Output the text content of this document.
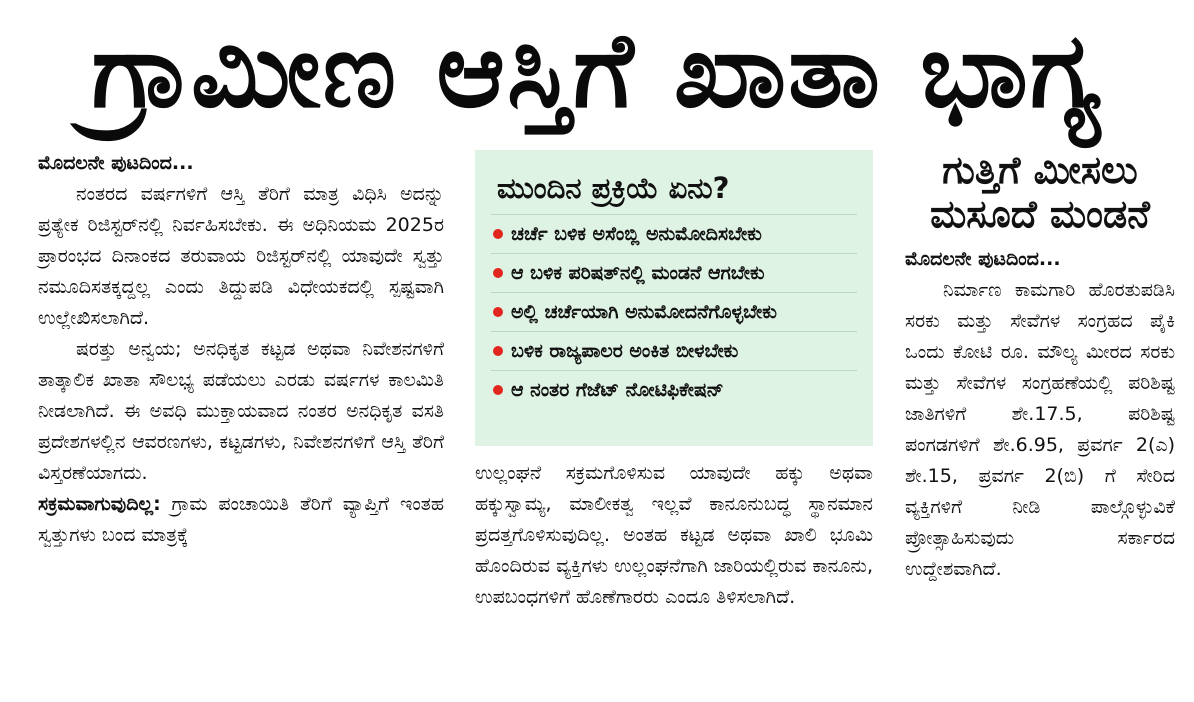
ಗ್ರಾಮೀಣ ಆಸ್ತಿಗೆ ಖಾತಾ ಭಾಗ್ಯ

ಮೊದಲನೇ ಪುಟದಿಂದ...

ನಂತರದ ವರ್ಷಗಳಿಗೆ ಆಸ್ತಿ ತೆರಿಗೆ ಮಾತ್ರ ವಿಧಿಸಿ ಅದನ್ನು ಪ್ರತ್ಯೇಕ ರಿಜಿಸ್ಟರ್‌ನಲ್ಲಿ ನಿರ್ವಹಿಸಬೇಕು. ಈ ಅಧಿನಿಯಮ 2025ರ ಪ್ರಾರಂಭದ ದಿನಾಂಕದ ತರುವಾಯ ರಿಜಿಸ್ಟರ್‌ನಲ್ಲಿ ಯಾವುದೇ ಸ್ವತ್ತು ನಮೂದಿಸತಕ್ಕದ್ದಲ್ಲ ಎಂದು ತಿದ್ದುಪಡಿ ವಿಧೇಯಕದಲ್ಲಿ ಸ್ಪಷ್ಟವಾಗಿ ಉಲ್ಲೇಖಿಸಲಾಗಿದೆ.

ಷರತ್ತು ಅನ್ವಯ; ಅನಧಿಕೃತ ಕಟ್ಟಡ ಅಥವಾ ನಿವೇಶನಗಳಿಗೆ ತಾತ್ಕಾಲಿಕ ಖಾತಾ ಸೌಲಭ್ಯ ಪಡೆಯಲು ಎರಡು ವರ್ಷಗಳ ಕಾಲಮಿತಿ ನೀಡಲಾಗಿದೆ. ಈ ಅವಧಿ ಮುಕ್ತಾಯವಾದ ನಂತರ ಅನಧಿಕೃತ ವಸತಿ ಪ್ರದೇಶಗಳಲ್ಲಿನ ಆವರಣಗಳು, ಕಟ್ಟಡಗಳು, ನಿವೇಶನಗಳಿಗೆ ಆಸ್ತಿ ತೆರಿಗೆ ವಿಸ್ತರಣೆಯಾಗದು.

ಸಕ್ರಮವಾಗುವುದಿಲ್ಲ: ಗ್ರಾಮ ಪಂಚಾಯಿತಿ ತೆರಿಗೆ ವ್ಯಾಪ್ತಿಗೆ ಇಂತಹ ಸ್ವತ್ತುಗಳು ಬಂದ ಮಾತ್ರಕ್ಕೆ

ಮುಂದಿನ ಪ್ರಕ್ರಿಯೆ ಏನು?
ಚರ್ಚೆ ಬಳಿಕ ಅಸೆಂಬ್ಲಿ ಅನುಮೋದಿಸಬೇಕು
ಆ ಬಳಿಕ ಪರಿಷತ್‌ನಲ್ಲಿ ಮಂಡನೆ ಆಗಬೇಕು
ಅಲ್ಲಿ ಚರ್ಚೆಯಾಗಿ ಅನುಮೋದನೆಗೊಳ್ಳಬೇಕು
ಬಳಿಕ ರಾಜ್ಯಪಾಲರ ಅಂಕಿತ ಬೀಳಬೇಕು
ಆ ನಂತರ ಗೆಜೆಟ್ ನೋಟಿಫಿಕೇಷನ್

ಉಲ್ಲಂಘನೆ ಸಕ್ರಮಗೊಳಿಸುವ ಯಾವುದೇ ಹಕ್ಕು ಅಥವಾ ಹಕ್ಕುಸ್ವಾಮ್ಯ, ಮಾಲೀಕತ್ವ ಇಲ್ಲವೆ ಕಾನೂನುಬದ್ಧ ಸ್ಥಾನಮಾನ ಪ್ರದತ್ತಗೊಳಿಸುವುದಿಲ್ಲ. ಅಂತಹ ಕಟ್ಟಡ ಅಥವಾ ಖಾಲಿ ಭೂಮಿ ಹೊಂದಿರುವ ವ್ಯಕ್ತಿಗಳು ಉಲ್ಲಂಘನೆಗಾಗಿ ಜಾರಿಯಲ್ಲಿರುವ ಕಾನೂನು, ಉಪಬಂಧಗಳಿಗೆ ಹೊಣೆಗಾರರು ಎಂದೂ ತಿಳಿಸಲಾಗಿದೆ.

ಗುತ್ತಿಗೆ ಮೀಸಲು ಮಸೂದೆ ಮಂಡನೆ

ಮೊದಲನೇ ಪುಟದಿಂದ...

ನಿರ್ಮಾಣ ಕಾಮಗಾರಿ ಹೊರತುಪಡಿಸಿ ಸರಕು ಮತ್ತು ಸೇವೆಗಳ ಸಂಗ್ರಹದ ಪೈಕಿ ಒಂದು ಕೋಟಿ ರೂ. ಮೌಲ್ಯ ಮೀರದ ಸರಕು ಮತ್ತು ಸೇವೆಗಳ ಸಂಗ್ರಹಣೆಯಲ್ಲಿ ಪರಿಶಿಷ್ಟ ಜಾತಿಗಳಿಗೆ ಶೇ.17.5, ಪರಿಶಿಷ್ಟ ಪಂಗಡಗಳಿಗೆ ಶೇ.6.95, ಪ್ರವರ್ಗ 2(ಎ) ಶೇ.15, ಪ್ರವರ್ಗ 2(ಬಿ) ಗೆ ಸೇರಿದ ವ್ಯಕ್ತಿಗಳಿಗೆ ನೀಡಿ ಪಾಲ್ಗೊಳ್ಳುವಿಕೆ ಪ್ರೋತ್ಸಾಹಿಸುವುದು ಸರ್ಕಾರದ ಉದ್ದೇಶವಾಗಿದೆ.
